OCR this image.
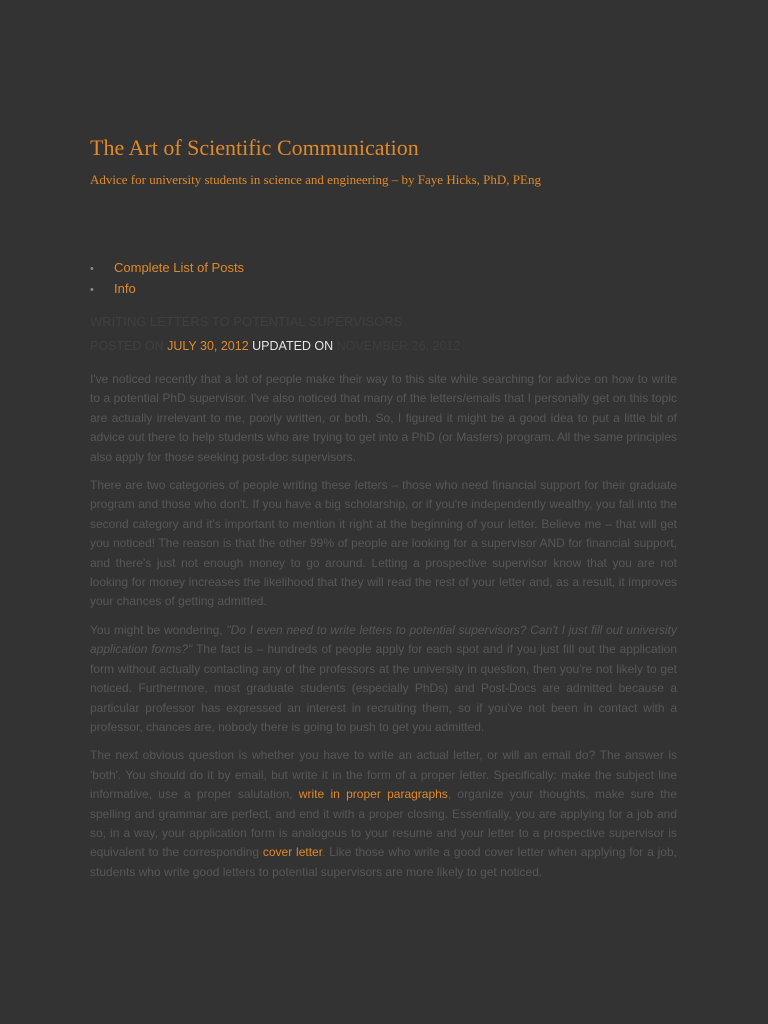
The Art of Scientific Communication

Advice for university students in science and engineering – by Faye Hicks, PhD, PEng

• Complete List of Posts
• Info
WRITING LETTERS TO POTENTIAL SUPERVISORS
POSTED ON JULY 30, 2012 UPDATED ON NOVEMBER 26, 2012

I've noticed recently that a lot of people make their way to this site while searching for advice on how to write to a potential PhD supervisor. I've also noticed that many of the letters/emails that I personally get on this topic are actually irrelevant to me, poorly written, or both. So, I figured it might be a good idea to put a little bit of advice out there to help students who are trying to get into a PhD (or Masters) program. All the same principles also apply for those seeking post-doc supervisors.

There are two categories of people writing these letters – those who need financial support for their graduate program and those who don't. If you have a big scholarship, or if you're independently wealthy, you fall into the second category and it's important to mention it right at the beginning of your letter. Believe me – that will get you noticed! The reason is that the other 99% of people are looking for a supervisor AND for financial support, and there's just not enough money to go around. Letting a prospective supervisor know that you are not looking for money increases the likelihood that they will read the rest of your letter and, as a result, it improves your chances of getting admitted.

You might be wondering, "Do I even need to write letters to potential supervisors? Can't I just fill out university application forms?" The fact is – hundreds of people apply for each spot and if you just fill out the application form without actually contacting any of the professors at the university in question, then you're not likely to get noticed. Furthermore, most graduate students (especially PhDs) and Post-Docs are admitted because a particular professor has expressed an interest in recruiting them, so if you've not been in contact with a professor, chances are, nobody there is going to push to get you admitted.

The next obvious question is whether you have to write an actual letter, or will an email do? The answer is 'both'. You should do it by email, but write it in the form of a proper letter. Specifically: make the subject line informative, use a proper salutation, write in proper paragraphs, organize your thoughts, make sure the spelling and grammar are perfect, and end it with a proper closing. Essentially, you are applying for a job and so, in a way, your application form is analogous to your resume and your letter to a prospective supervisor is equivalent to the corresponding cover letter. Like those who write a good cover letter when applying for a job, students who write good letters to potential supervisors are more likely to get noticed.
